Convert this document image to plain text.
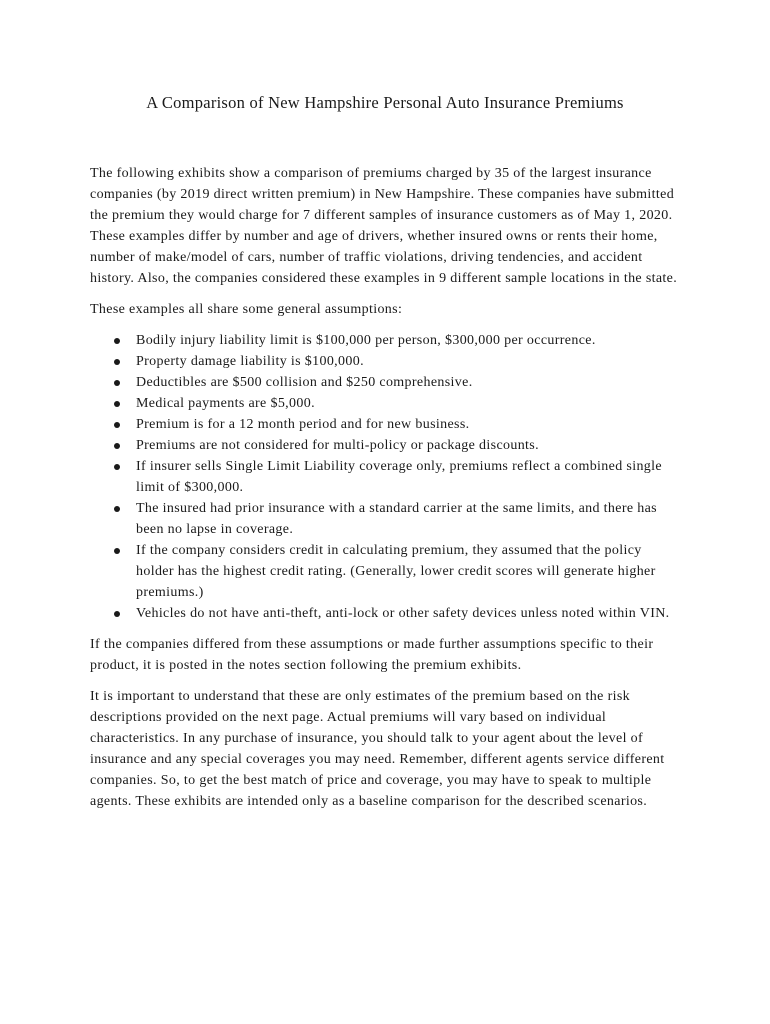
A Comparison of New Hampshire Personal Auto Insurance Premiums

The following exhibits show a comparison of premiums charged by 35 of the largest insurance companies (by 2019 direct written premium) in New Hampshire. These companies have submitted the premium they would charge for 7 different samples of insurance customers as of May 1, 2020. These examples differ by number and age of drivers, whether insured owns or rents their home, number of make/model of cars, number of traffic violations, driving tendencies, and accident history. Also, the companies considered these examples in 9 different sample locations in the state.

These examples all share some general assumptions:

Bodily injury liability limit is $100,000 per person, $300,000 per occurrence.
Property damage liability is $100,000.
Deductibles are $500 collision and $250 comprehensive.
Medical payments are $5,000.
Premium is for a 12 month period and for new business.
Premiums are not considered for multi-policy or package discounts.
If insurer sells Single Limit Liability coverage only, premiums reflect a combined single limit of $300,000.
The insured had prior insurance with a standard carrier at the same limits, and there has been no lapse in coverage.
If the company considers credit in calculating premium, they assumed that the policy holder has the highest credit rating. (Generally, lower credit scores will generate higher premiums.)
Vehicles do not have anti-theft, anti-lock or other safety devices unless noted within VIN.

If the companies differed from these assumptions or made further assumptions specific to their product, it is posted in the notes section following the premium exhibits.

It is important to understand that these are only estimates of the premium based on the risk descriptions provided on the next page. Actual premiums will vary based on individual characteristics. In any purchase of insurance, you should talk to your agent about the level of insurance and any special coverages you may need. Remember, different agents service different companies. So, to get the best match of price and coverage, you may have to speak to multiple agents. These exhibits are intended only as a baseline comparison for the described scenarios.
